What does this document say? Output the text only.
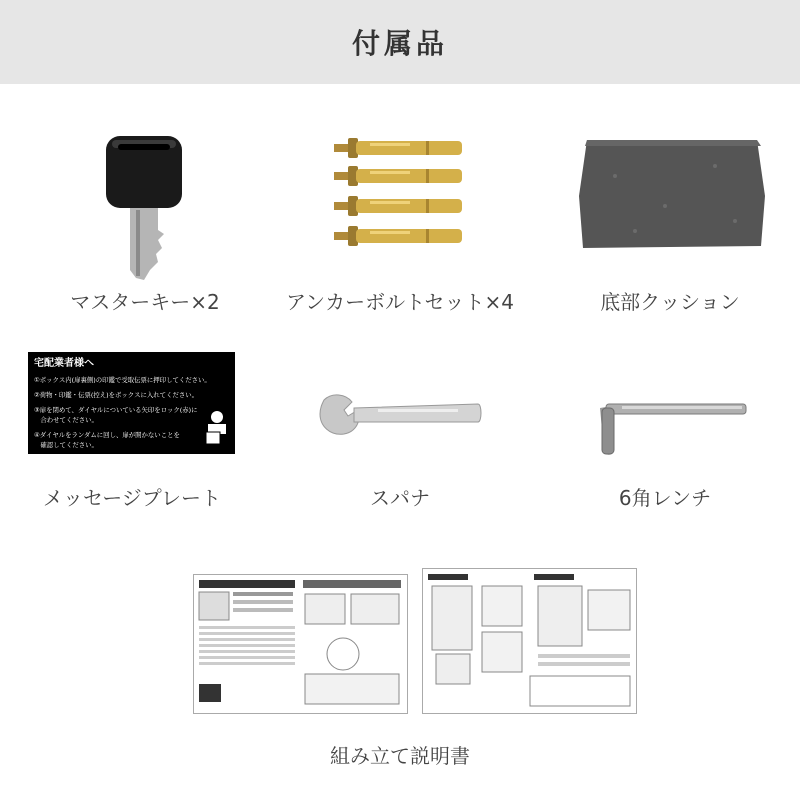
付属品
マスターキー×2	アンカーボルトセット×4	底部クッション
宅配業者様へ
①ボックス内(扉裏側)の印鑑で受取伝票に押印してください。
②荷物・印鑑・伝票(控え)をボックスに入れてください。
③扉を閉めて、ダイヤルについている矢印をロック(赤)に
　合わせてください。
④ダイヤルをランダムに回し、扉が開かないことを
　確認してください。
メッセージプレート	スパナ	6角レンチ
組み立て説明書
